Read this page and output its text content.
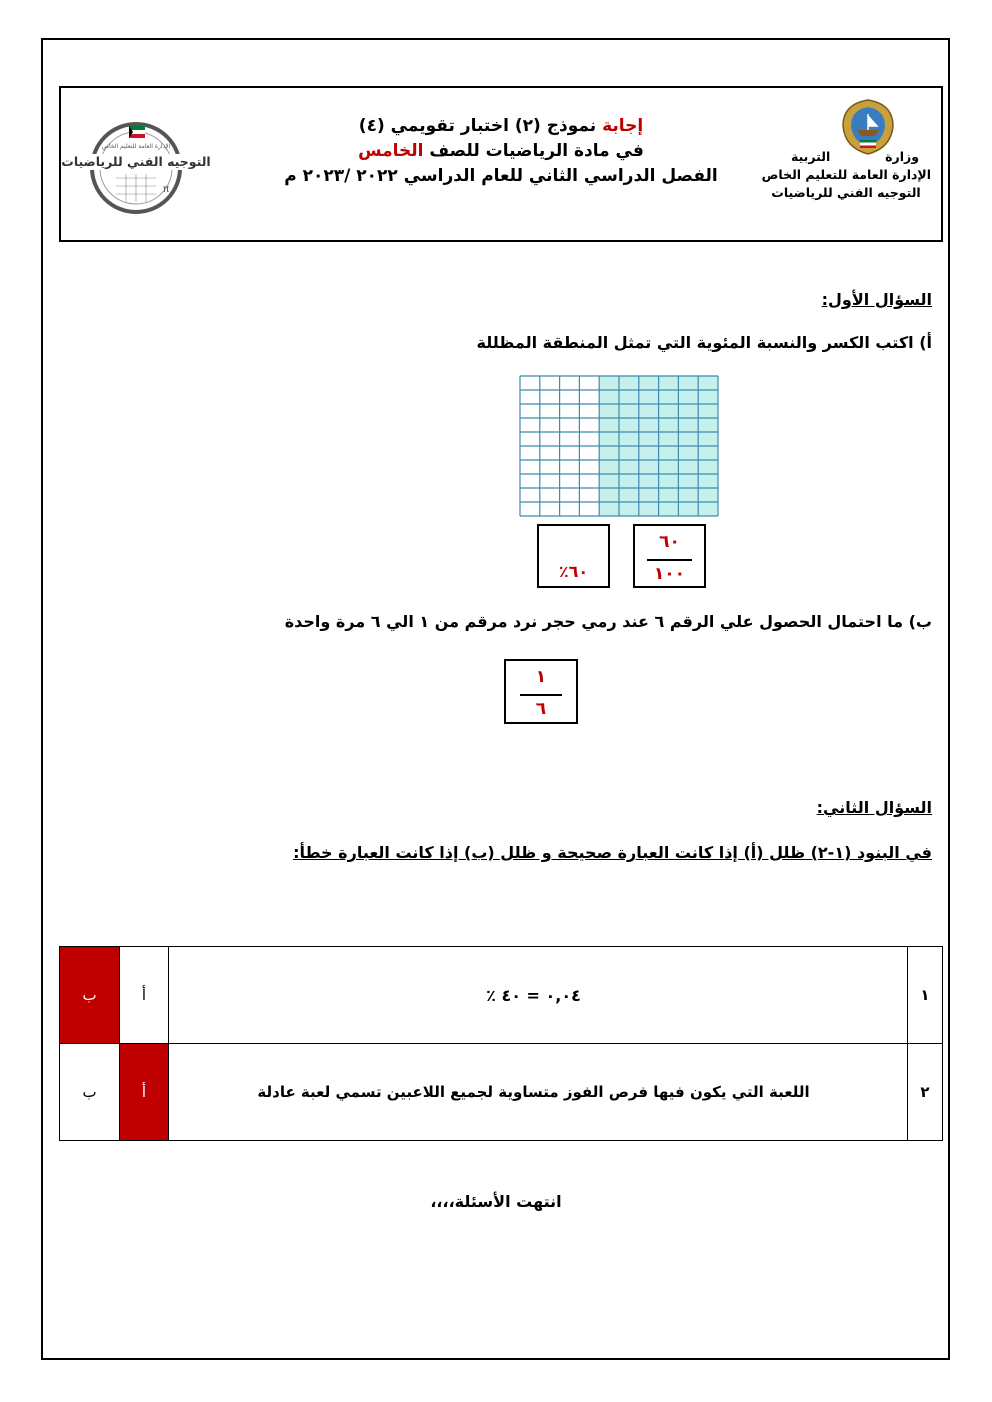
وزارة
التربية
الإدارة العامة للتعليم الخاص
التوجيه الفني للرياضيات
إجابة نموذج (٢) اختبار تقويمي (٤)
في مادة الرياضيات للصف الخامس
الفصل الدراسي الثاني للعام الدراسي ٢٠٢٢ /٢٠٢٣ م
π
الإدارة العامة للتعليم الخاص
التوجيه الفني للرياضيات
السؤال الأول:
أ) اكتب الكسر والنسبة المئوية التي تمثل المنطقة المظللة
٦٠
١٠٠
٪٦٠
ب) ما احتمال الحصول علي الرقم ٦ عند رمي حجر نرد مرقم من ١ الي ٦ مرة واحدة
١
٦
السؤال الثاني:
في البنود (١-٢) ظلل (أ) إذا كانت العبارة صحيحة و ظلل (ب) إذا كانت العبارة خطأ:
١	٠,٠٤ = ٤٠ ٪	أ	ب
٢	اللعبة التي يكون فيها فرص الفوز متساوية لجميع اللاعبين تسمي لعبة عادلة	أ	ب
انتهت الأسئلة،،،،
